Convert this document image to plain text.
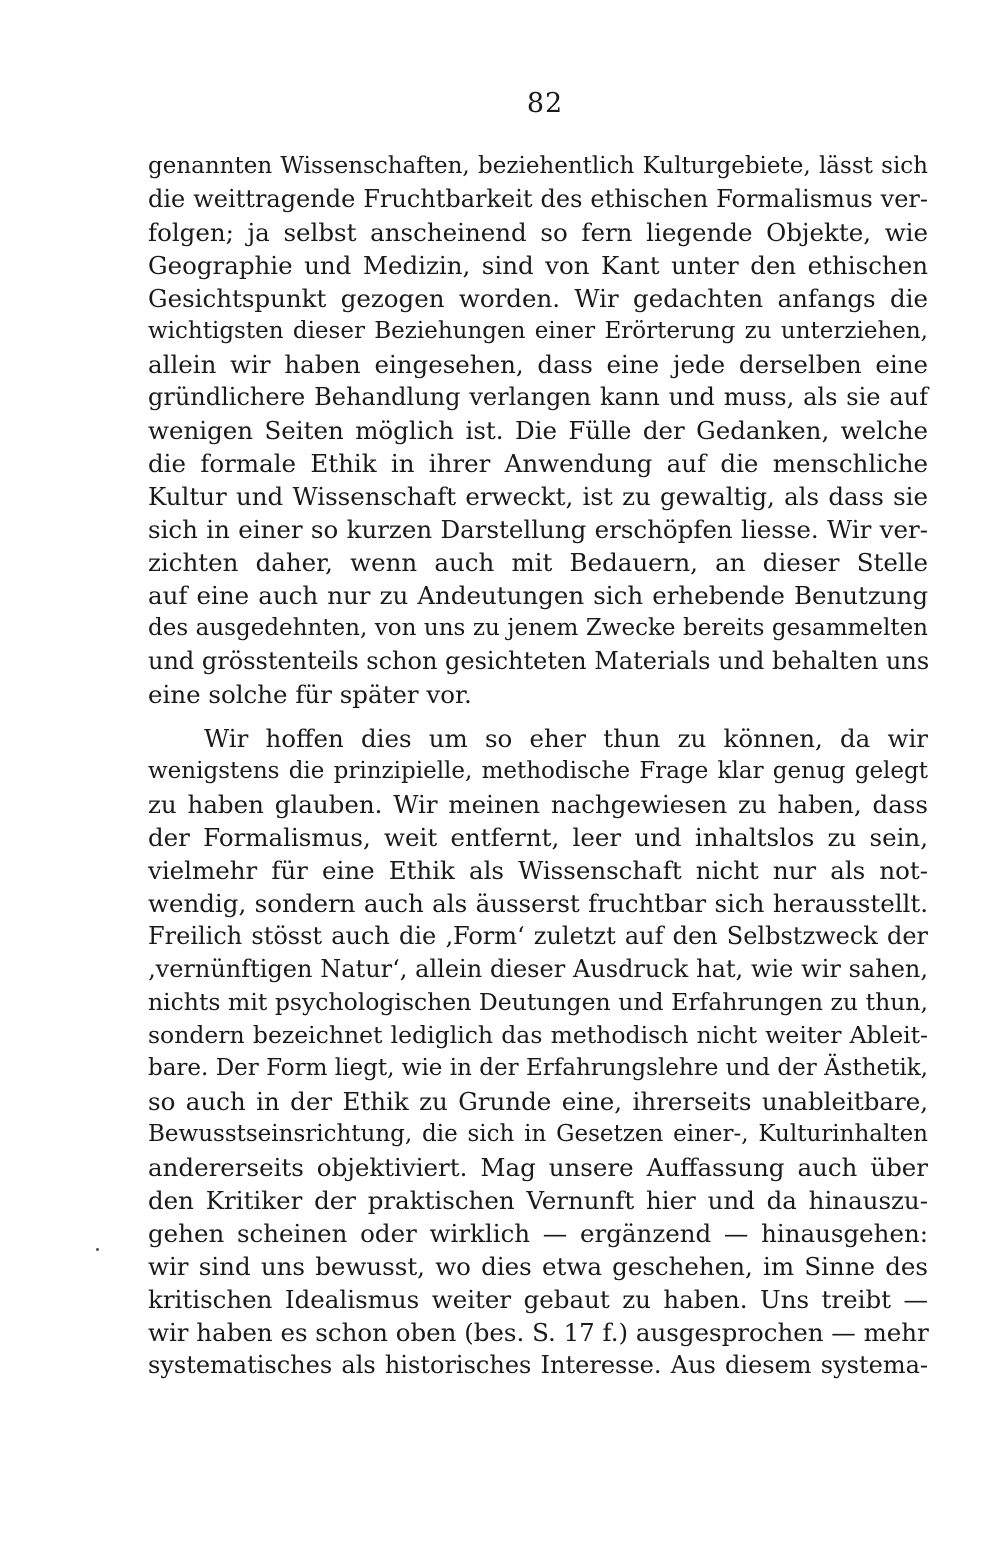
82
genannten Wissenschaften, beziehentlich Kulturgebiete, lässt sich
die weittragende Fruchtbarkeit des ethischen Formalismus ver-
folgen; ja selbst anscheinend so fern liegende Objekte, wie
Geographie und Medizin, sind von Kant unter den ethischen
Gesichtspunkt gezogen worden. Wir gedachten anfangs die
wichtigsten dieser Beziehungen einer Erörterung zu unterziehen,
allein wir haben eingesehen, dass eine jede derselben eine
gründlichere Behandlung verlangen kann und muss, als sie auf
wenigen Seiten möglich ist. Die Fülle der Gedanken, welche
die formale Ethik in ihrer Anwendung auf die menschliche
Kultur und Wissenschaft erweckt, ist zu gewaltig, als dass sie
sich in einer so kurzen Darstellung erschöpfen liesse. Wir ver-
zichten daher, wenn auch mit Bedauern, an dieser Stelle
auf eine auch nur zu Andeutungen sich erhebende Benutzung
des ausgedehnten, von uns zu jenem Zwecke bereits gesammelten
und grösstenteils schon gesichteten Materials und behalten uns
eine solche für später vor.
Wir hoffen dies um so eher thun zu können, da wir
wenigstens die prinzipielle, methodische Frage klar genug gelegt
zu haben glauben. Wir meinen nachgewiesen zu haben, dass
der Formalismus, weit entfernt, leer und inhaltslos zu sein,
vielmehr für eine Ethik als Wissenschaft nicht nur als not-
wendig, sondern auch als äusserst fruchtbar sich herausstellt.
Freilich stösst auch die ‚Form‘ zuletzt auf den Selbstzweck der
‚vernünftigen Natur‘, allein dieser Ausdruck hat, wie wir sahen,
nichts mit psychologischen Deutungen und Erfahrungen zu thun,
sondern bezeichnet lediglich das methodisch nicht weiter Ableit-
bare. Der Form liegt, wie in der Erfahrungslehre und der Ästhetik,
so auch in der Ethik zu Grunde eine, ihrerseits unableitbare,
Bewusstseinsrichtung, die sich in Gesetzen einer-, Kulturinhalten
andererseits objektiviert. Mag unsere Auffassung auch über
den Kritiker der praktischen Vernunft hier und da hinauszu-
gehen scheinen oder wirklich — ergänzend — hinausgehen:
wir sind uns bewusst, wo dies etwa geschehen, im Sinne des
kritischen Idealismus weiter gebaut zu haben. Uns treibt —
wir haben es schon oben (bes. S. 17 f.) ausgesprochen — mehr
systematisches als historisches Interesse. Aus diesem systema-
